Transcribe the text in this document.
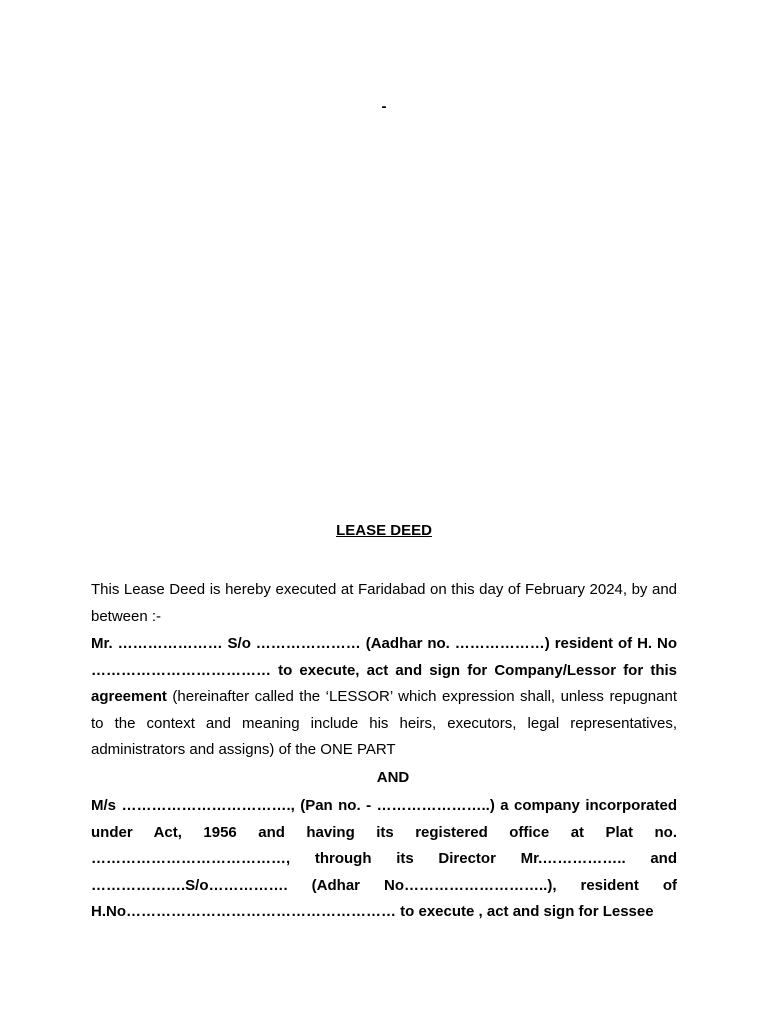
-
LEASE DEED

This Lease Deed is hereby executed at Faridabad on this day of February 2024, by and between :-

Mr. ………………… S/o ………………… (Aadhar no. ………………) resident of H. No ……………………………… to execute, act and sign for Company/Lessor for this agreement (hereinafter called the ‘LESSOR’ which expression shall, unless repugnant to the context and meaning include his heirs, executors, legal representatives, administrators and assigns) of the ONE PART

AND

M/s ……………………………., (Pan no. - …………………..) a company incorporated under Act, 1956 and having its registered office at Plat no. …………………………………, through its Director Mr.…………….. and ……………….S/o……………. (Adhar No………………………..), resident of H.No……………………………………………… to execute , act and sign for Lessee
